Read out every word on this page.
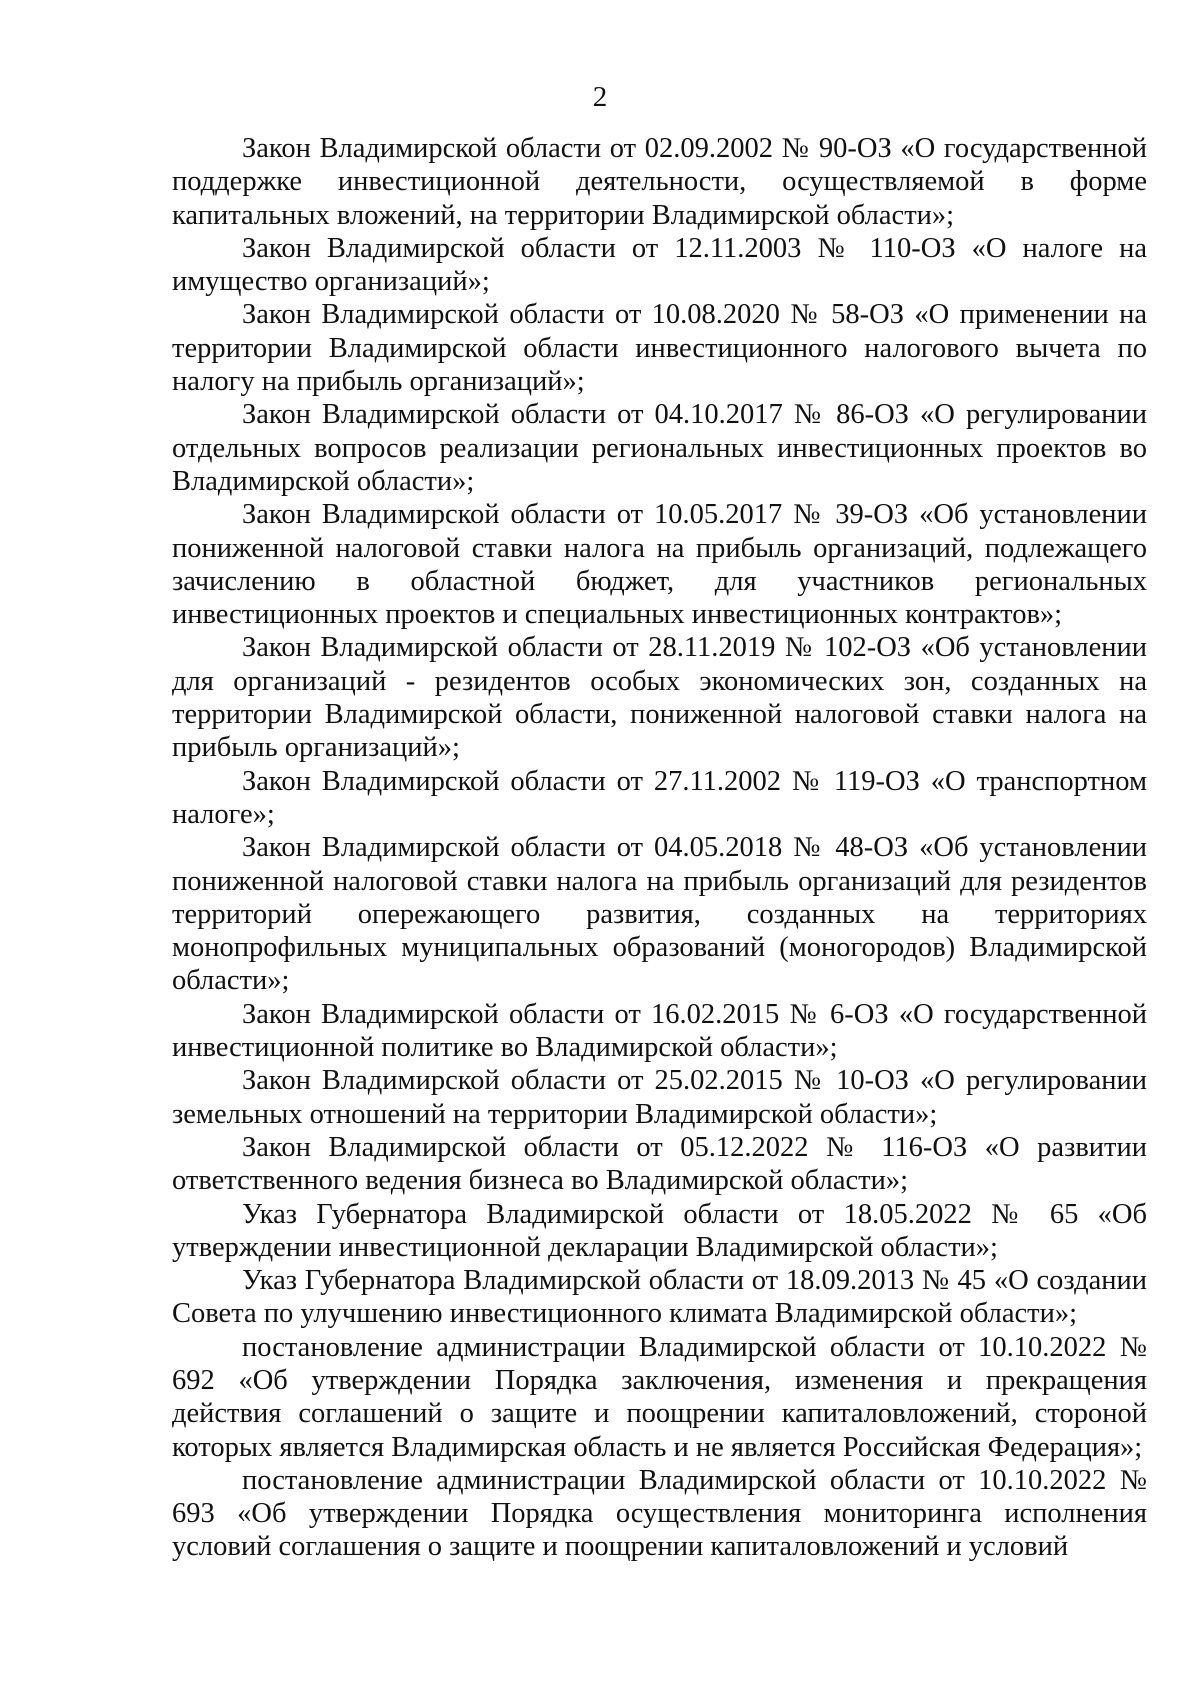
2

Закон Владимирской области от 02.09.2002 № 90-ОЗ «О государственной поддержке инвестиционной деятельности, осуществляемой в форме капитальных вложений, на территории Владимирской области»;

Закон Владимирской области от 12.11.2003 № 110-ОЗ «О налоге на имущество организаций»;

Закон Владимирской области от 10.08.2020 № 58-ОЗ «О применении на территории Владимирской области инвестиционного налогового вычета по налогу на прибыль организаций»;

Закон Владимирской области от 04.10.2017 № 86-ОЗ «О регулировании отдельных вопросов реализации региональных инвестиционных проектов во Владимирской области»;

Закон Владимирской области от 10.05.2017 № 39-ОЗ «Об установлении пониженной налоговой ставки налога на прибыль организаций, подлежащего зачислению в областной бюджет, для участников региональных инвестиционных проектов и специальных инвестиционных контрактов»;

Закон Владимирской области от 28.11.2019 № 102-ОЗ «Об установлении для организаций - резидентов особых экономических зон, созданных на территории Владимирской области, пониженной налоговой ставки налога на прибыль организаций»;

Закон Владимирской области от 27.11.2002 № 119-ОЗ «О транспортном налоге»;

Закон Владимирской области от 04.05.2018 № 48-ОЗ «Об установлении пониженной налоговой ставки налога на прибыль организаций для резидентов территорий опережающего развития, созданных на территориях монопрофильных муниципальных образований (моногородов) Владимирской области»;

Закон Владимирской области от 16.02.2015 № 6-ОЗ «О государственной инвестиционной политике во Владимирской области»;

Закон Владимирской области от 25.02.2015 № 10-ОЗ «О регулировании земельных отношений на территории Владимирской области»;

Закон Владимирской области от 05.12.2022 № 116-ОЗ «О развитии ответственного ведения бизнеса во Владимирской области»;

Указ Губернатора Владимирской области от 18.05.2022 № 65 «Об утверждении инвестиционной декларации Владимирской области»;

Указ Губернатора Владимирской области от 18.09.2013 № 45 «О создании Совета по улучшению инвестиционного климата Владимирской области»;

постановление администрации Владимирской области от 10.10.2022 № 692 «Об утверждении Порядка заключения, изменения и прекращения действия соглашений о защите и поощрении капиталовложений, стороной которых является Владимирская область и не является Российская Федерация»;

постановление администрации Владимирской области от 10.10.2022 № 693 «Об утверждении Порядка осуществления мониторинга исполнения условий соглашения о защите и поощрении капиталовложений и условий
